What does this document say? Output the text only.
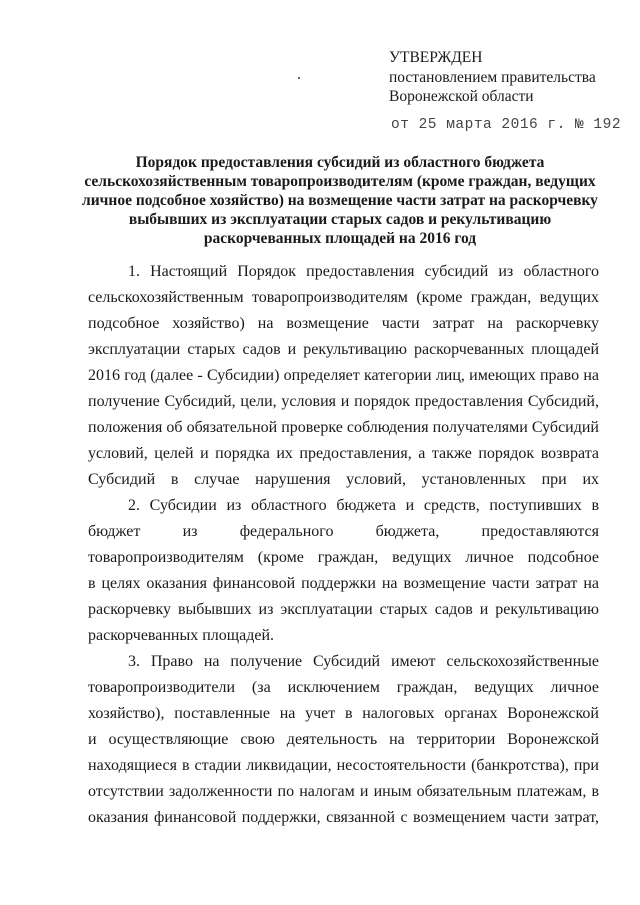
УТВЕРЖДЕН
постановлением правительства
Воронежской области
от 25 марта 2016 г. № 192
Порядок предоставления субсидий из областного бюджета
сельскохозяйственным товаропроизводителям (кроме граждан, ведущих
личное подсобное хозяйство) на возмещение части затрат на раскорчевку
выбывших из эксплуатации старых садов и рекультивацию
раскорчеванных площадей на 2016 год
1. Настоящий Порядок предоставления субсидий из областного
сельскохозяйственным товаропроизводителям (кроме граждан, ведущих
подсобное хозяйство) на возмещение части затрат на раскорчевку
эксплуатации старых садов и рекультивацию раскорчеванных площадей
2016 год (далее - Субсидии) определяет категории лиц, имеющих право на
получение Субсидий, цели, условия и порядок предоставления Субсидий,
положения об обязательной проверке соблюдения получателями Субсидий
условий, целей и порядка их предоставления, а также порядок возврата
Субсидий в случае нарушения условий, установленных при их
2. Субсидии из областного бюджета и средств, поступивших в
бюджет из федерального бюджета, предоставляются
товаропроизводителям (кроме граждан, ведущих личное подсобное
в целях оказания финансовой поддержки на возмещение части затрат на
раскорчевку выбывших из эксплуатации старых садов и рекультивацию
раскорчеванных площадей.
3. Право на получение Субсидий имеют сельскохозяйственные
товаропроизводители (за исключением граждан, ведущих личное
хозяйство), поставленные на учет в налоговых органах Воронежской
и осуществляющие свою деятельность на территории Воронежской
находящиеся в стадии ликвидации, несостоятельности (банкротства), при
отсутствии задолженности по налогам и иным обязательным платежам, в
оказания финансовой поддержки, связанной с возмещением части затрат,
